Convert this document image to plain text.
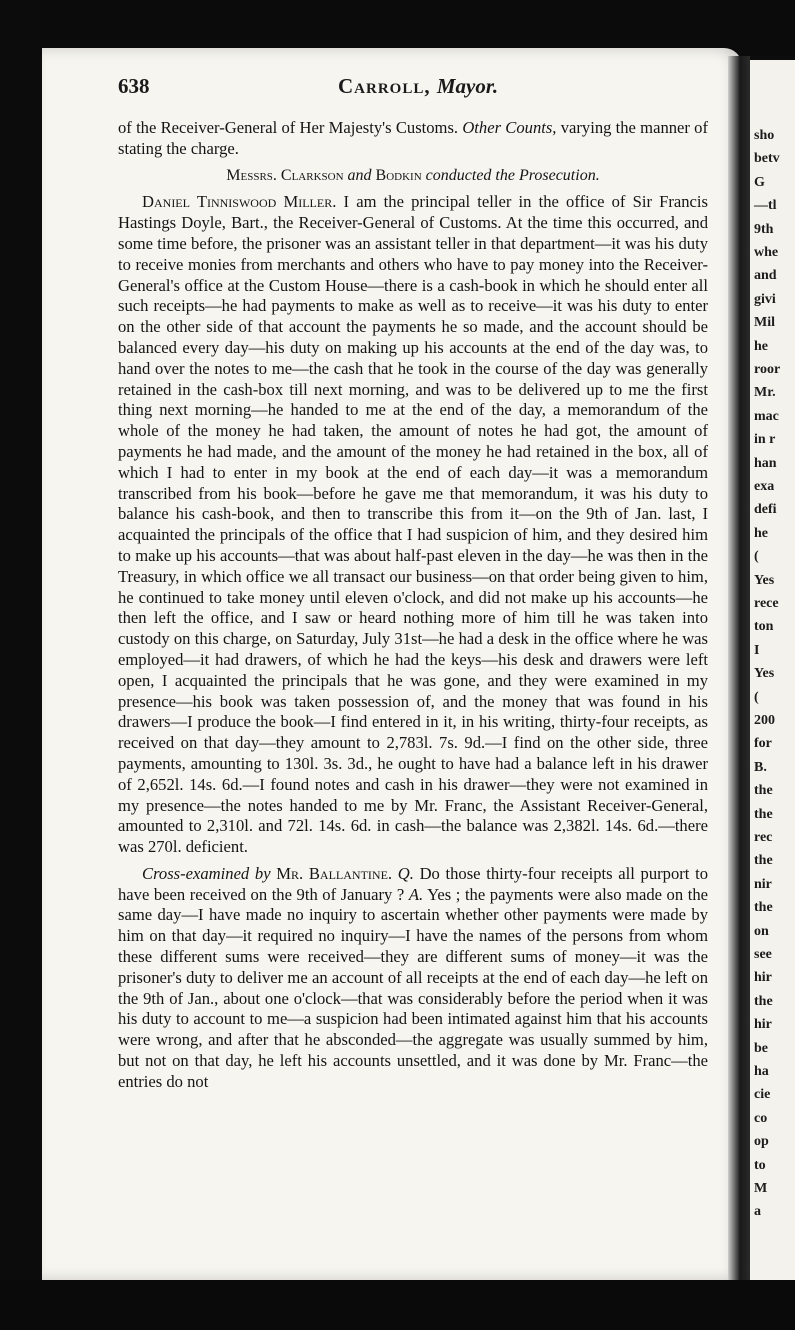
sho
betv
G
—tl
9th
whe
and
givi
Mil
he
roor
Mr.
mac
in r
han
exa
defi
he
(
Yes
rece
ton
I
Yes
(
200
for
B.
the
the
rec
the
nir
the
on
see
hir
the
hir
be
ha
cie
co
op
to
M
a
638	Carroll, Mayor.

of the Receiver-General of Her Majesty's Customs. Other Counts, varying the manner of stating the charge.

Messrs. Clarkson and Bodkin conducted the Prosecution.

Daniel Tinniswood Miller. I am the principal teller in the office of Sir Francis Hastings Doyle, Bart., the Receiver-General of Customs. At the time this occurred, and some time before, the prisoner was an assistant teller in that department—it was his duty to receive monies from merchants and others who have to pay money into the Receiver-General's office at the Custom House—there is a cash-book in which he should enter all such receipts—he had payments to make as well as to receive—it was his duty to enter on the other side of that account the payments he so made, and the account should be balanced every day—his duty on making up his accounts at the end of the day was, to hand over the notes to me—the cash that he took in the course of the day was generally retained in the cash-box till next morning, and was to be delivered up to me the first thing next morning—he handed to me at the end of the day, a memorandum of the whole of the money he had taken, the amount of notes he had got, the amount of payments he had made, and the amount of the money he had retained in the box, all of which I had to enter in my book at the end of each day—it was a memorandum transcribed from his book—before he gave me that memorandum, it was his duty to balance his cash-book, and then to transcribe this from it—on the 9th of Jan. last, I acquainted the principals of the office that I had suspicion of him, and they desired him to make up his accounts—that was about half-past eleven in the day—he was then in the Treasury, in which office we all transact our business—on that order being given to him, he continued to take money until eleven o'clock, and did not make up his accounts—he then left the office, and I saw or heard nothing more of him till he was taken into custody on this charge, on Saturday, July 31st—he had a desk in the office where he was employed—it had drawers, of which he had the keys—his desk and drawers were left open, I acquainted the principals that he was gone, and they were examined in my presence—his book was taken possession of, and the money that was found in his drawers—I produce the book—I find entered in it, in his writing, thirty-four receipts, as received on that day—they amount to 2,783l. 7s. 9d.—I find on the other side, three payments, amounting to 130l. 3s. 3d., he ought to have had a balance left in his drawer of 2,652l. 14s. 6d.—I found notes and cash in his drawer—they were not examined in my presence—the notes handed to me by Mr. Franc, the Assistant Receiver-General, amounted to 2,310l. and 72l. 14s. 6d. in cash—the balance was 2,382l. 14s. 6d.—there was 270l. deficient.

Cross-examined by Mr. Ballantine. Q. Do those thirty-four receipts all purport to have been received on the 9th of January ? A. Yes ; the payments were also made on the same day—I have made no inquiry to ascertain whether other payments were made by him on that day—it required no inquiry—I have the names of the persons from whom these different sums were received—they are different sums of money—it was the prisoner's duty to deliver me an account of all receipts at the end of each day—he left on the 9th of Jan., about one o'clock—that was considerably before the period when it was his duty to account to me—a suspicion had been intimated against him that his accounts were wrong, and after that he absconded—the aggregate was usually summed by him, but not on that day, he left his accounts unsettled, and it was done by Mr. Franc—the entries do not
